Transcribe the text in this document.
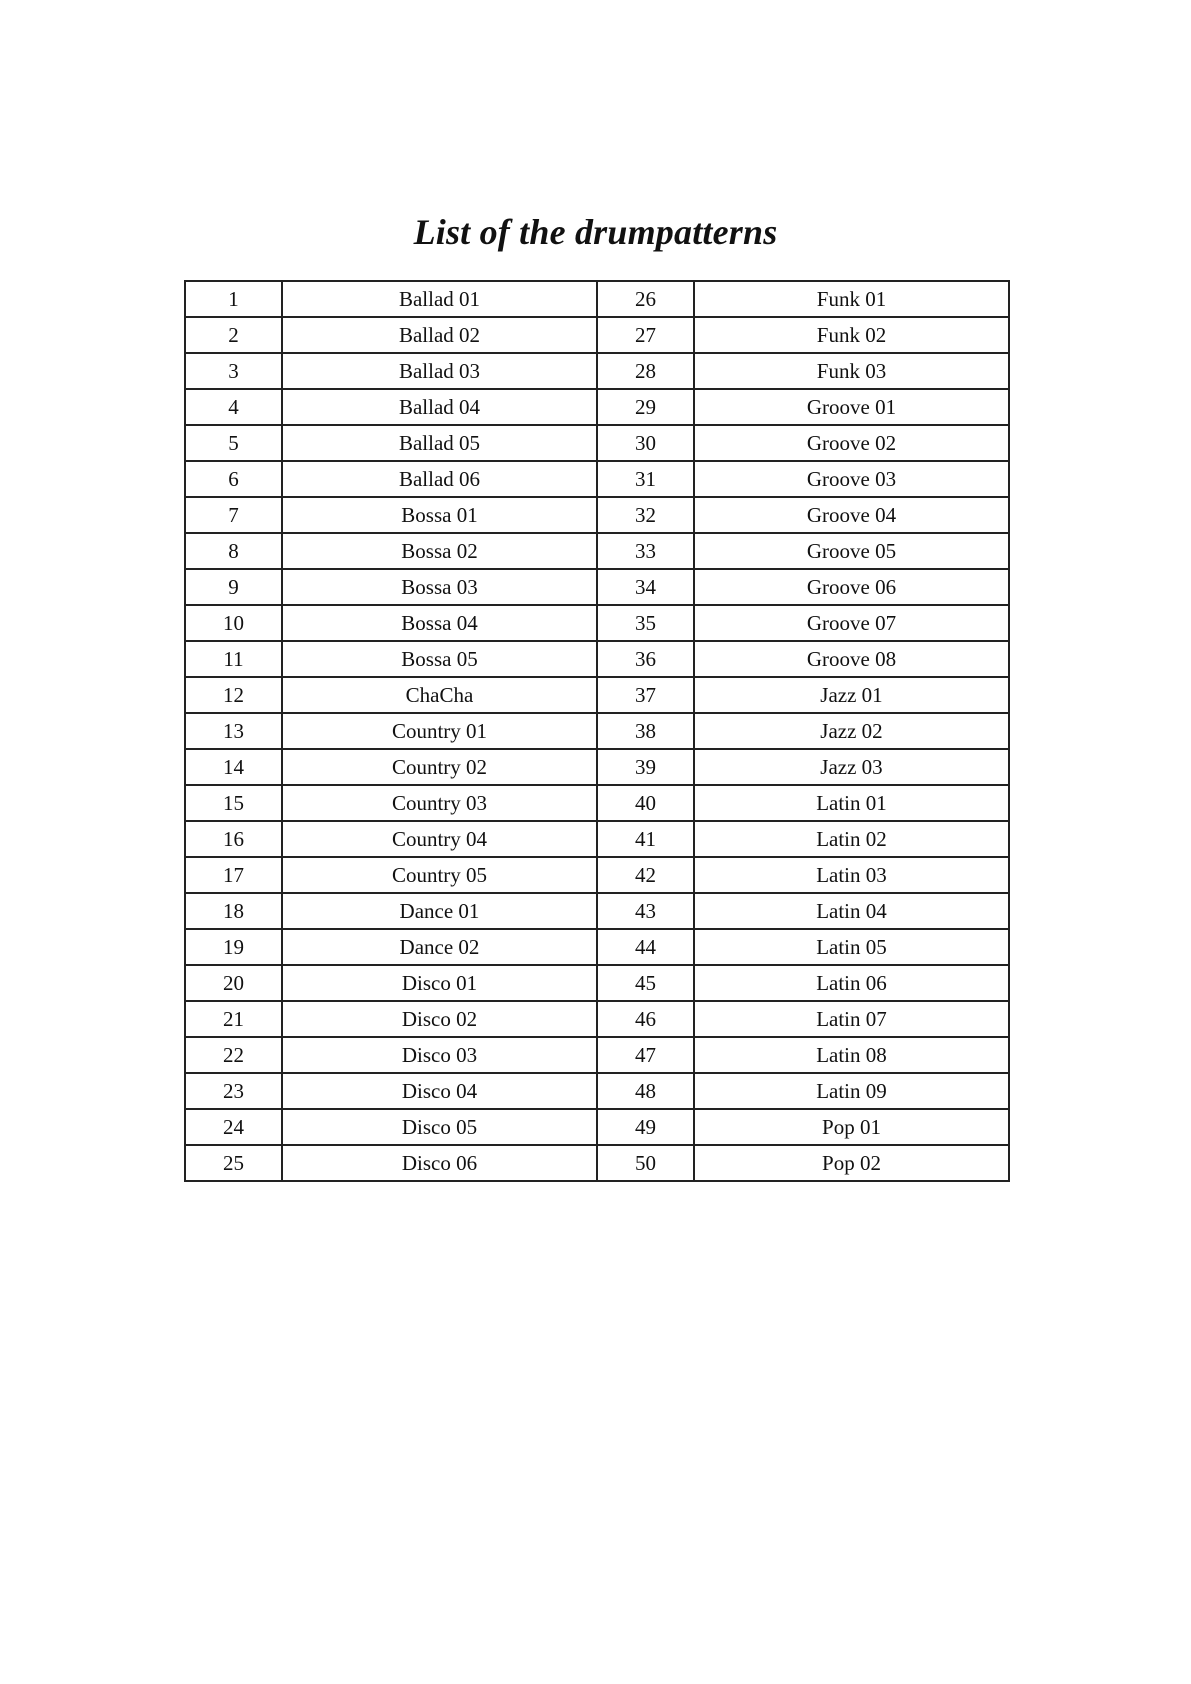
List of the drumpatterns
1	Ballad 01	26	Funk 01
2	Ballad 02	27	Funk 02
3	Ballad 03	28	Funk 03
4	Ballad 04	29	Groove 01
5	Ballad 05	30	Groove 02
6	Ballad 06	31	Groove 03
7	Bossa 01	32	Groove 04
8	Bossa 02	33	Groove 05
9	Bossa 03	34	Groove 06
10	Bossa 04	35	Groove 07
11	Bossa 05	36	Groove 08
12	ChaCha	37	Jazz 01
13	Country 01	38	Jazz 02
14	Country 02	39	Jazz 03
15	Country 03	40	Latin 01
16	Country 04	41	Latin 02
17	Country 05	42	Latin 03
18	Dance 01	43	Latin 04
19	Dance 02	44	Latin 05
20	Disco 01	45	Latin 06
21	Disco 02	46	Latin 07
22	Disco 03	47	Latin 08
23	Disco 04	48	Latin 09
24	Disco 05	49	Pop 01
25	Disco 06	50	Pop 02
